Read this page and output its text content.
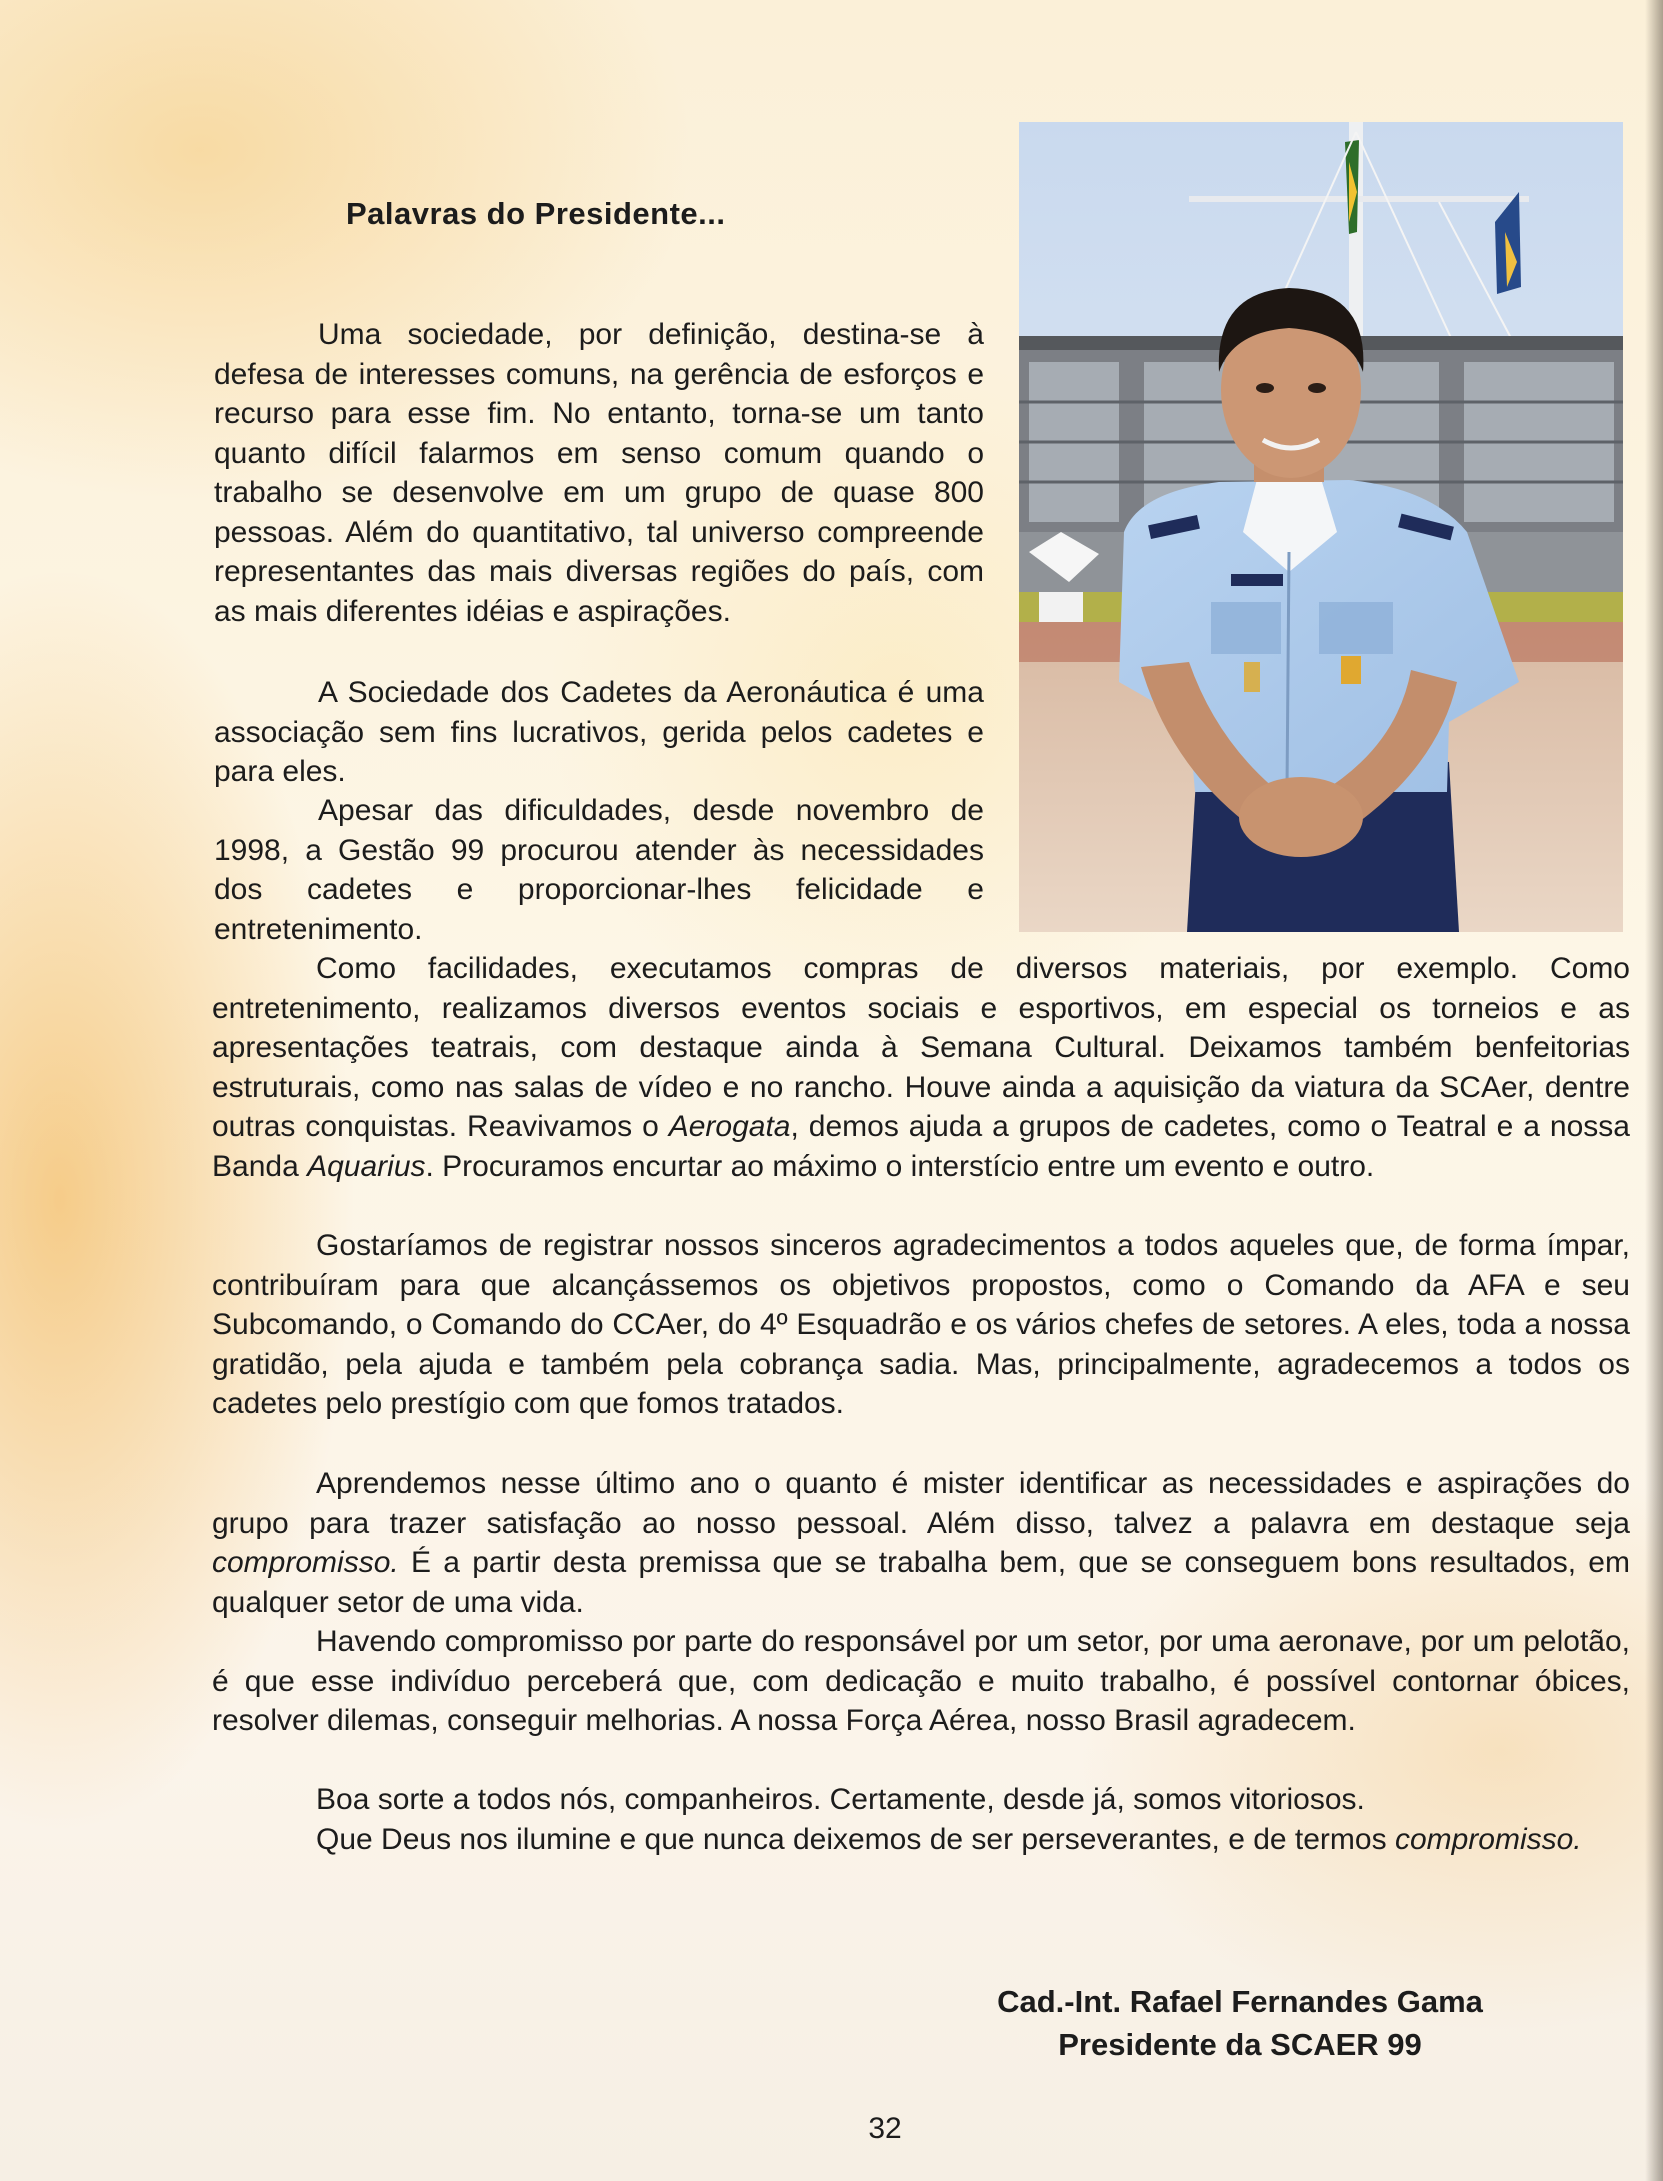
Palavras do Presidente...

Uma sociedade, por definição, destina-se à defesa de interesses comuns, na gerência de esforços e recurso para esse fim. No entanto, torna-se um tanto quanto difícil falarmos em senso comum quando o trabalho se desenvolve em um grupo de quase 800 pessoas. Além do quantitativo, tal universo compreende representantes das mais diversas regiões do país, com as mais diferentes idéias e aspirações.

A Sociedade dos Cadetes da Aeronáutica é uma associação sem fins lucrativos, gerida pelos cadetes e para eles.

Apesar das dificuldades, desde novembro de 1998, a Gestão 99 procurou atender às necessidades dos cadetes e proporcionar-lhes felicidade e entretenimento.

Como facilidades, executamos compras de diversos materiais, por exemplo. Como entretenimento, realizamos diversos eventos sociais e esportivos, em especial os torneios e as apresentações teatrais, com destaque ainda à Semana Cultural. Deixamos também benfeitorias estruturais, como nas salas de vídeo e no rancho. Houve ainda a aquisição da viatura da SCAer, dentre outras conquistas. Reavivamos o Aerogata, demos ajuda a grupos de cadetes, como o Teatral e a nossa Banda Aquarius. Procuramos encurtar ao máximo o interstício entre um evento e outro.

Gostaríamos de registrar nossos sinceros agradecimentos a todos aqueles que, de forma ímpar, contribuíram para que alcançássemos os objetivos propostos, como o Comando da AFA e seu Subcomando, o Comando do CCAer, do 4º Esquadrão e os vários chefes de setores. A eles, toda a nossa gratidão, pela ajuda e também pela cobrança sadia. Mas, principalmente, agradecemos a todos os cadetes pelo prestígio com que fomos tratados.

Aprendemos nesse último ano o quanto é mister identificar as necessidades e aspirações do grupo para trazer satisfação ao nosso pessoal. Além disso, talvez a palavra em destaque seja compromisso. É a partir desta premissa que se trabalha bem, que se conseguem bons resultados, em qualquer setor de uma vida.

Havendo compromisso por parte do responsável por um setor, por uma aeronave, por um pelotão, é que esse indivíduo perceberá que, com dedicação e muito trabalho, é possível contornar óbices, resolver dilemas, conseguir melhorias. A nossa Força Aérea, nosso Brasil agradecem.

Boa sorte a todos nós, companheiros. Certamente, desde já, somos vitoriosos.

Que Deus nos ilumine e que nunca deixemos de ser perseverantes, e de termos compromisso.

Cad.-Int. Rafael Fernandes Gama
Presidente da SCAER 99
32
